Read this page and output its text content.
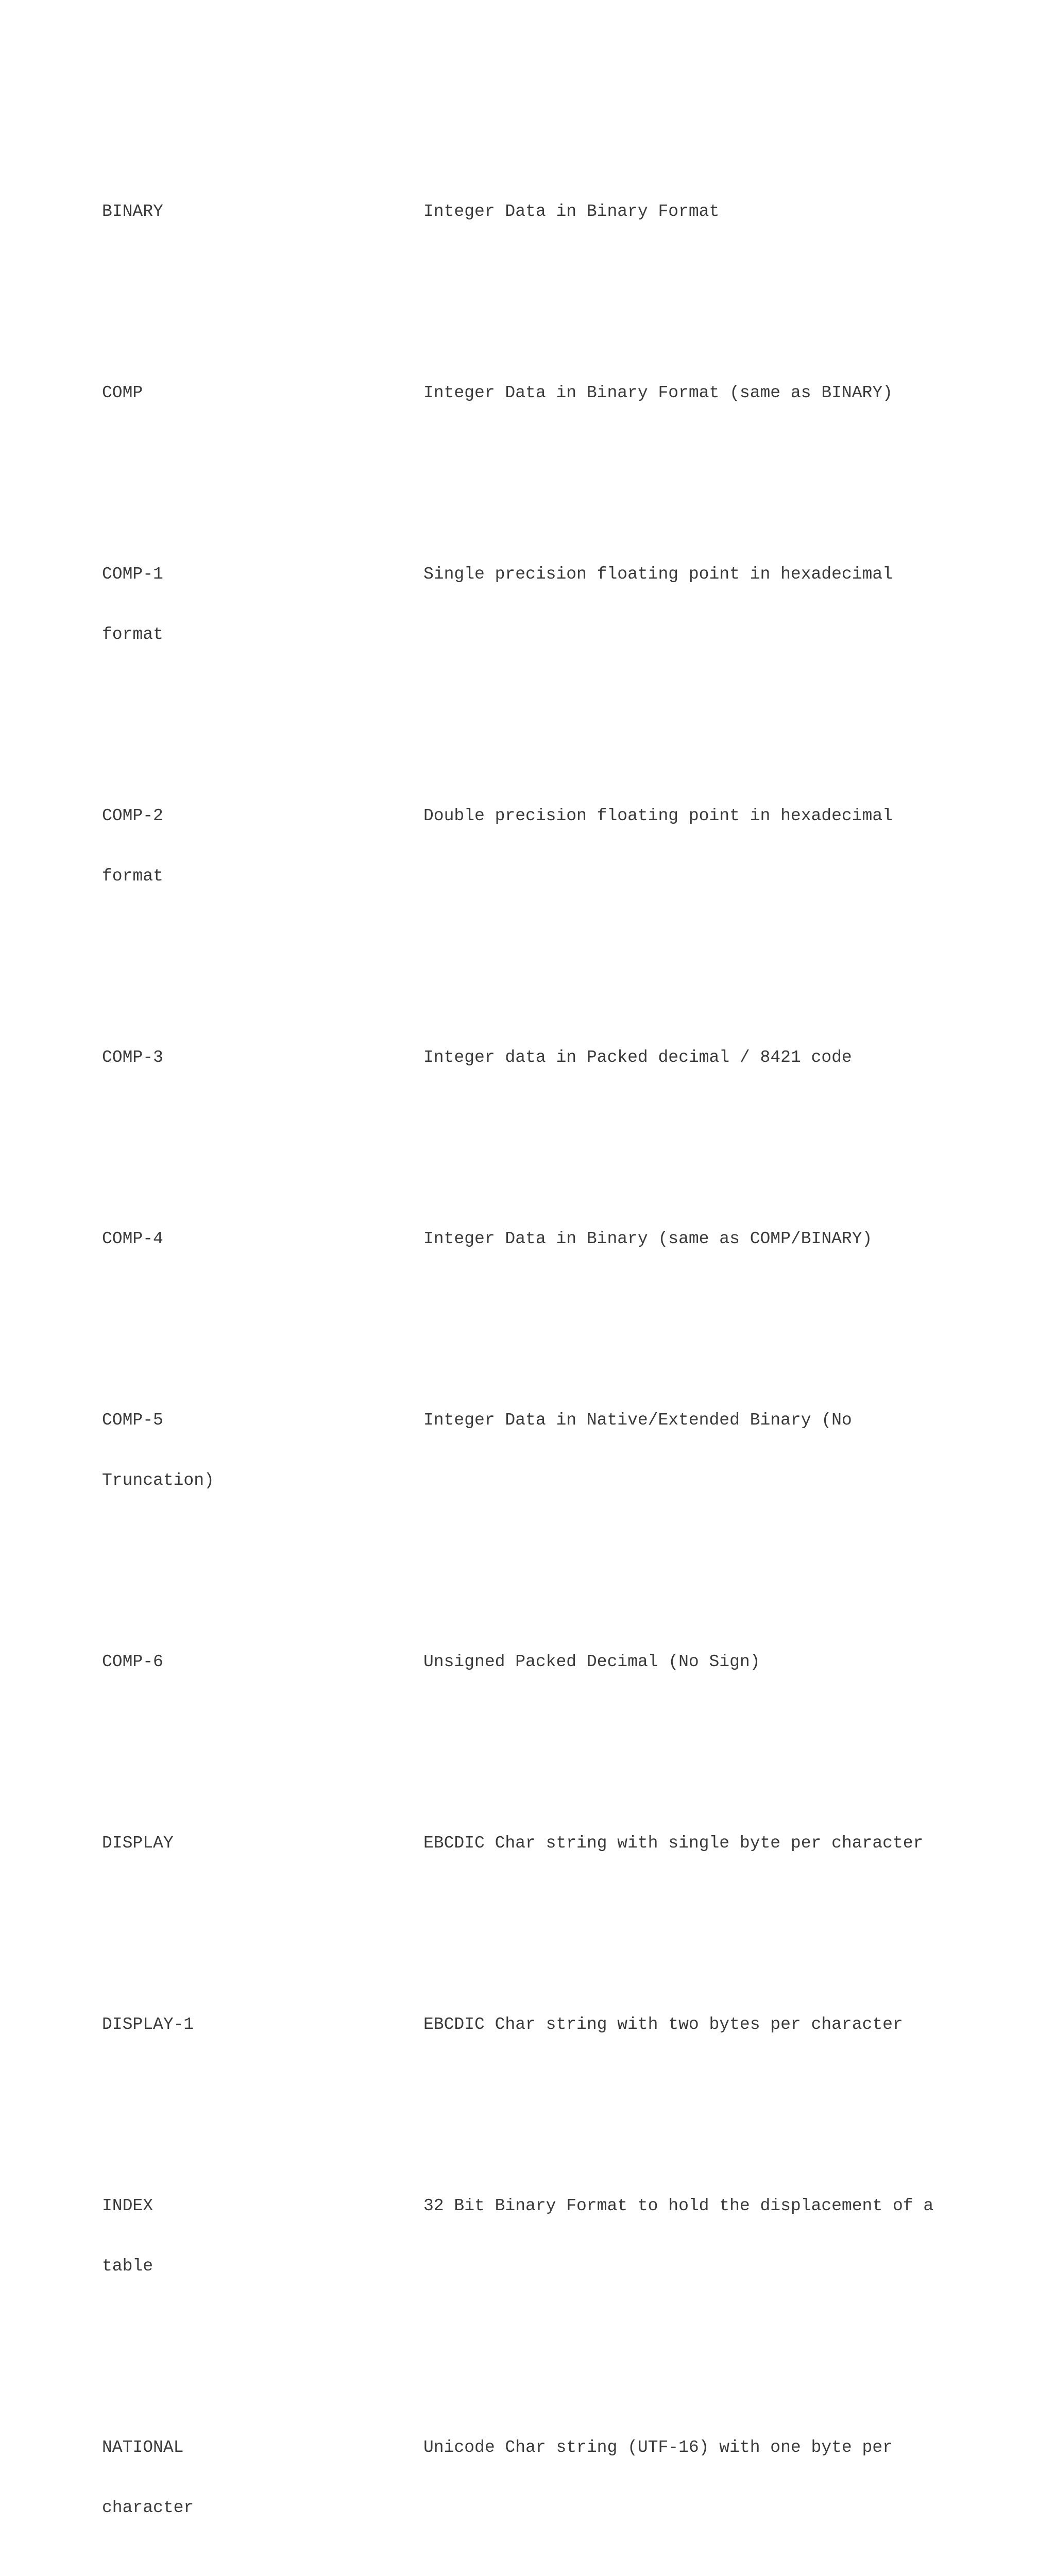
BINARY	Integer Data in Binary Format

COMP	Integer Data in Binary Format (same as BINARY)

COMP-1	Single precision floating point in hexadecimal

format

COMP-2	Double precision floating point in hexadecimal

format

COMP-3	Integer data in Packed decimal / 8421 code

COMP-4	Integer Data in Binary (same as COMP/BINARY)

COMP-5	Integer Data in Native/Extended Binary (No

Truncation)

COMP-6	Unsigned Packed Decimal (No Sign)

DISPLAY	EBCDIC Char string with single byte per character

DISPLAY-1	EBCDIC Char string with two bytes per character

INDEX	32 Bit Binary Format to hold the displacement of a

table

NATIONAL	Unicode Char string (UTF-16) with one byte per

character
